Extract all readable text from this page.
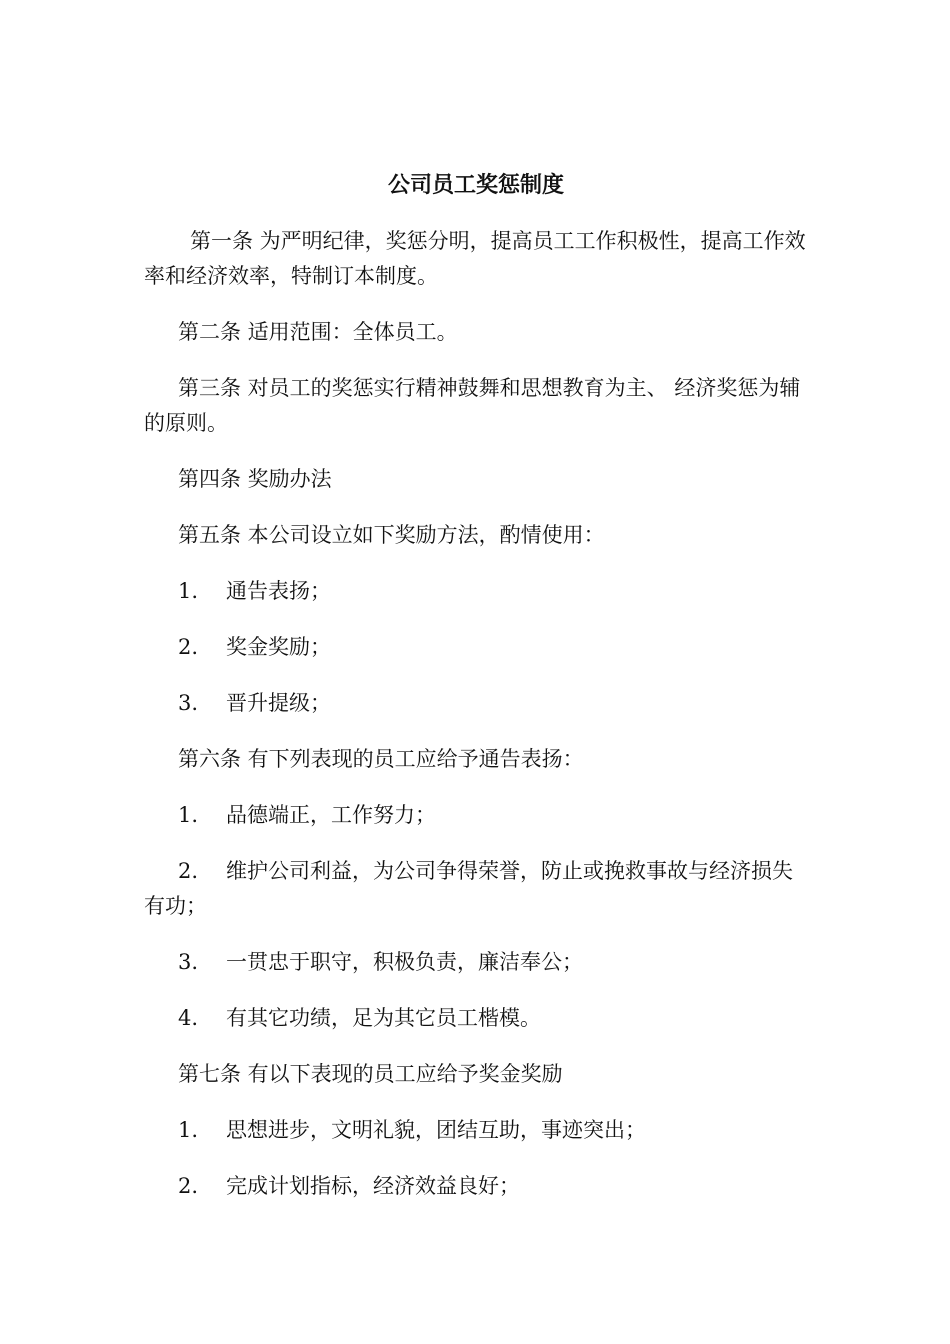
公司员工奖惩制度

第一条 为严明纪律，奖惩分明，提高员工工作积极性，提高工作效率和经济效率，特制订本制度。

第二条 适用范围：全体员工。

第三条 对员工的奖惩实行精神鼓舞和思想教育为主、 经济奖惩为辅的原则。

第四条 奖励办法

第五条 本公司设立如下奖励方法，酌情使用：

1. 通告表扬；

2. 奖金奖励；

3. 晋升提级；

第六条 有下列表现的员工应给予通告表扬：

1. 品德端正，工作努力；

2. 维护公司利益，为公司争得荣誉，防止或挽救事故与经济损失有功；

3. 一贯忠于职守，积极负责，廉洁奉公；

4. 有其它功绩，足为其它员工楷模。

第七条 有以下表现的员工应给予奖金奖励

1. 思想进步，文明礼貌，团结互助，事迹突出；

2. 完成计划指标，经济效益良好；
